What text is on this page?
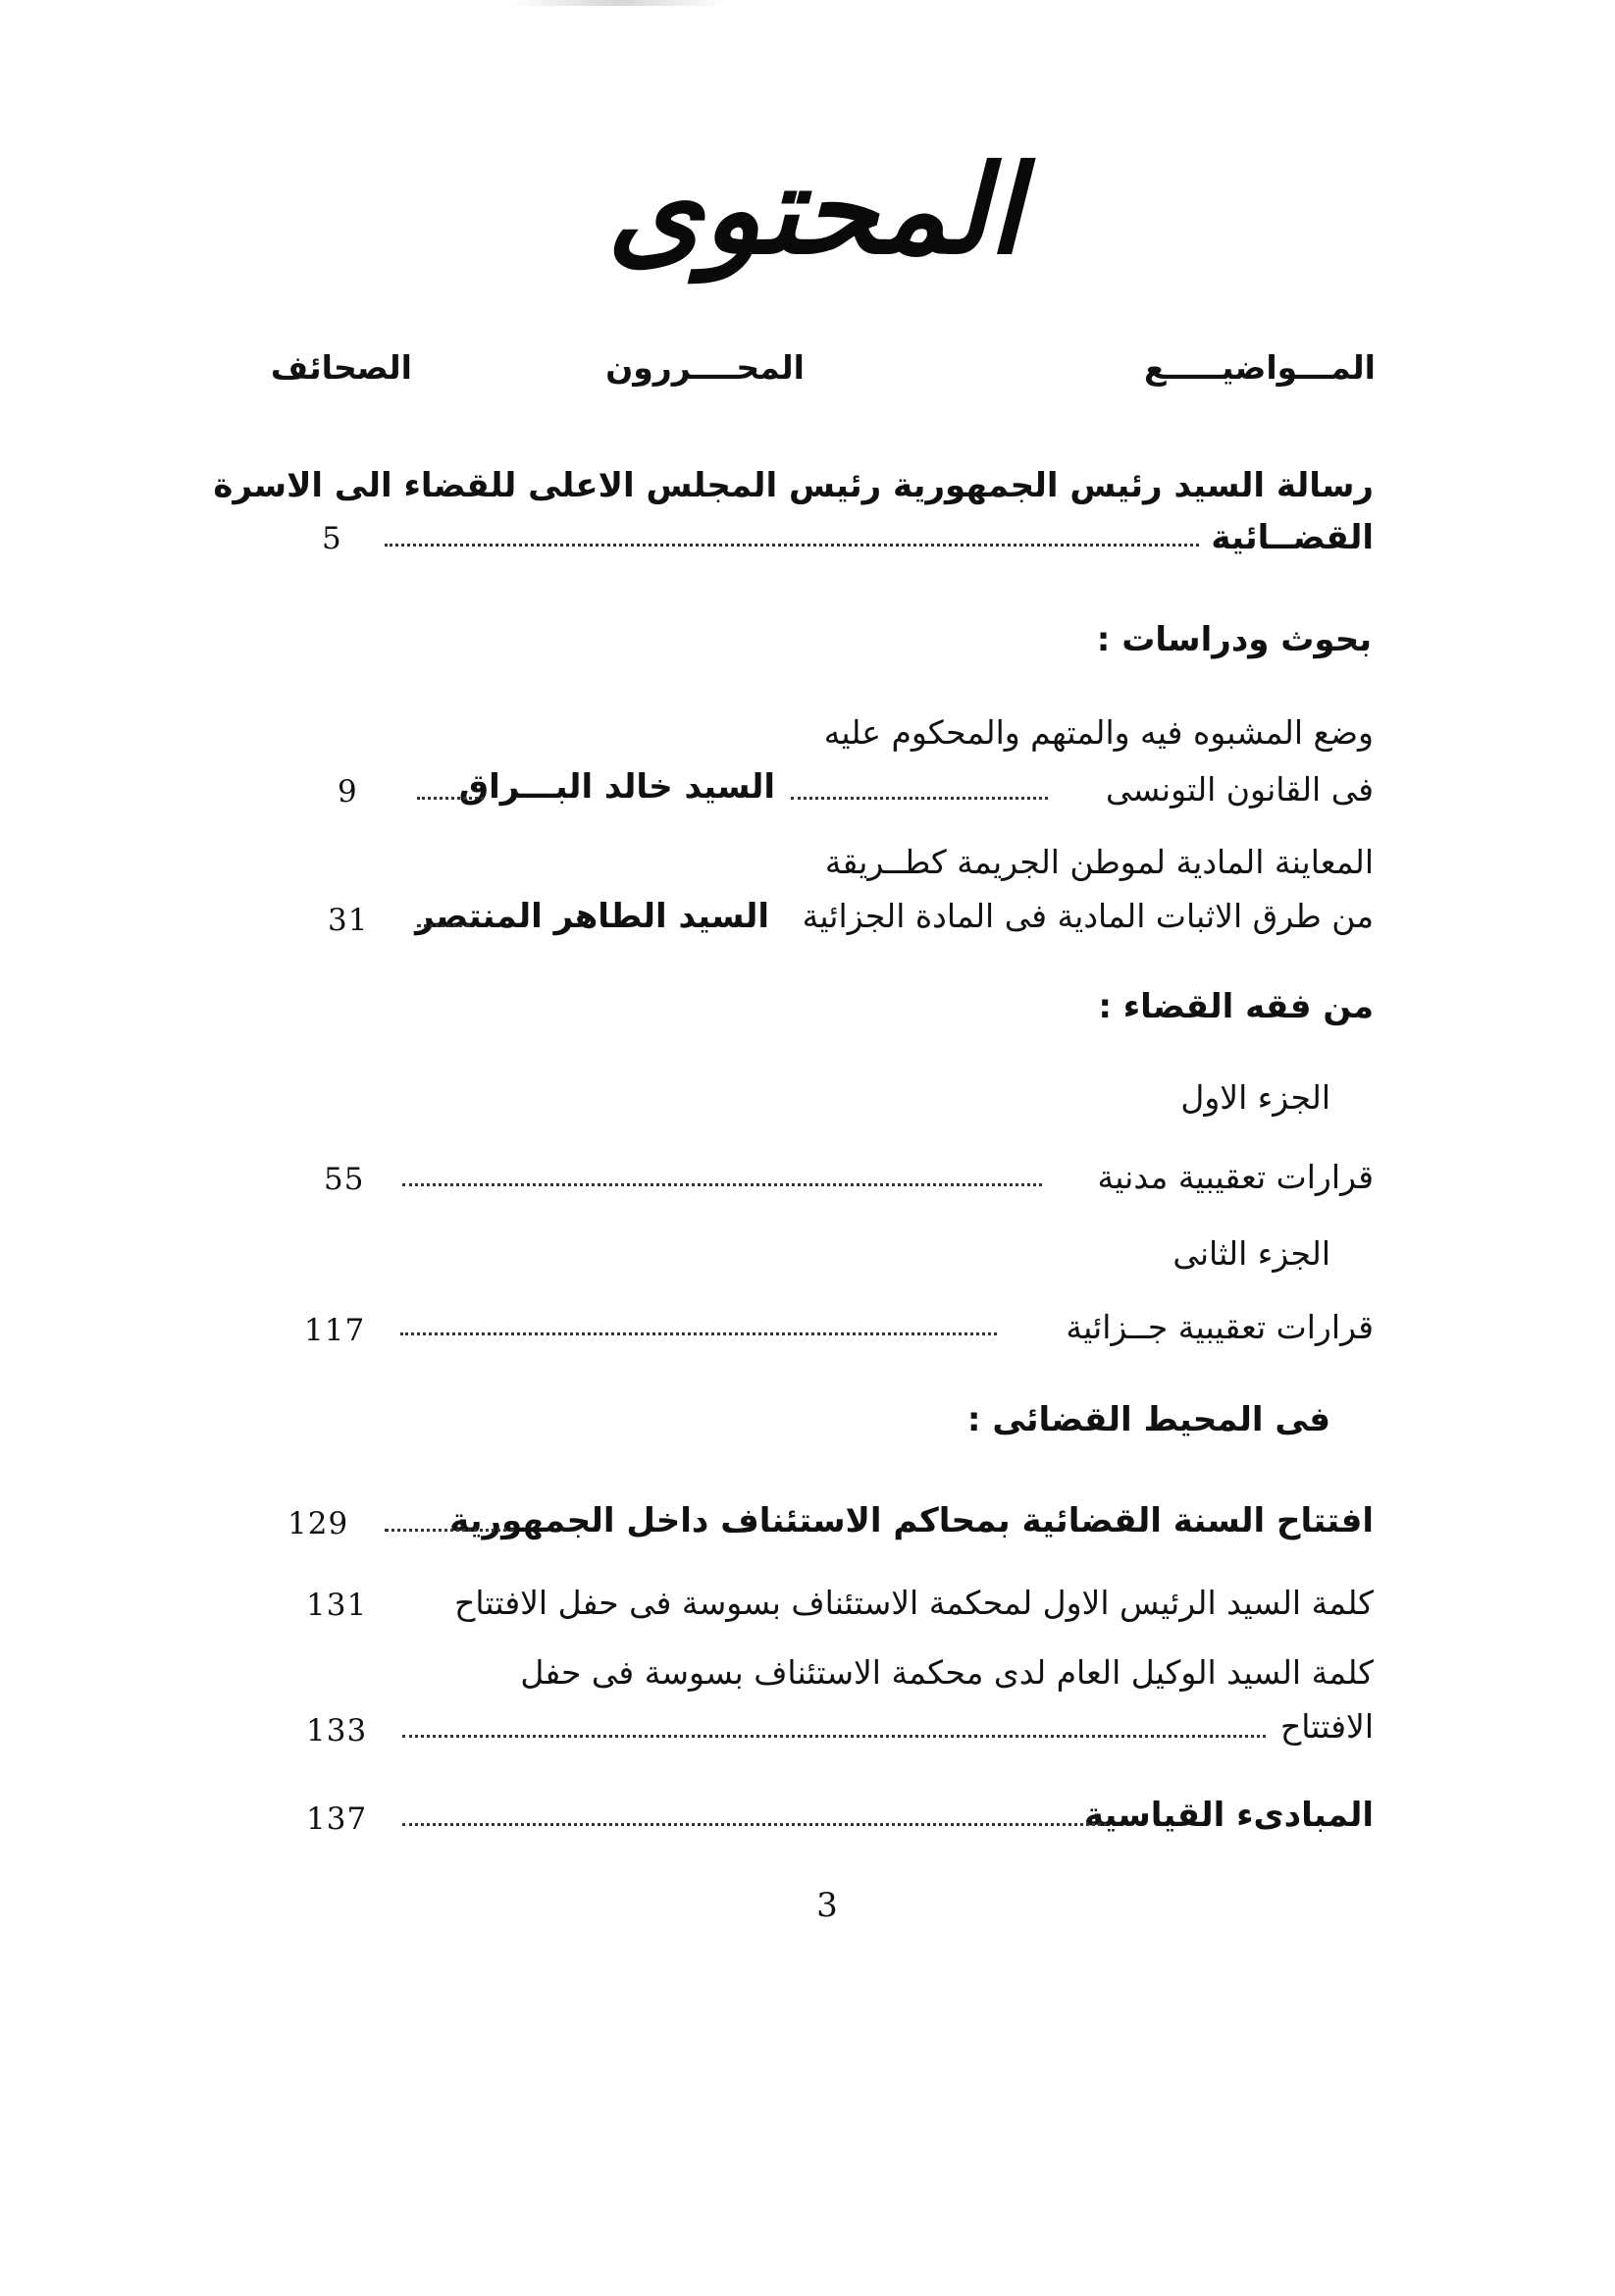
المحتوى
المـــواضيـــــع
المحــــررون
الصحائف
رسالة السيد رئيس الجمهورية رئيس المجلس الاعلى للقضاء الى الاسرة
القضــائية
5
بحوث ودراسات :
وضع المشبوه فيه والمتهم والمحكوم عليه
فى القانون التونسى
السيد خالد البـــراق
9
المعاينة المادية لموطن الجريمة كطــريقة
من طرق الاثبات المادية فى المادة الجزائية
السيد الطاهر المنتصر
31
من فقه القضاء :
الجزء الاول
قرارات تعقيبية مدنية
55
الجزء الثانى
قرارات تعقيبية جــزائية
117
فى المحيط القضائى :
افتتاح السنة القضائية بمحاكم الاستئناف داخل الجمهورية
129
كلمة السيد الرئيس الاول لمحكمة الاستئناف بسوسة فى حفل الافتتاح
131
كلمة السيد الوكيل العام لدى محكمة الاستئناف بسوسة فى حفل
الافتتاح
133
المبادىء القياسية
137
3
